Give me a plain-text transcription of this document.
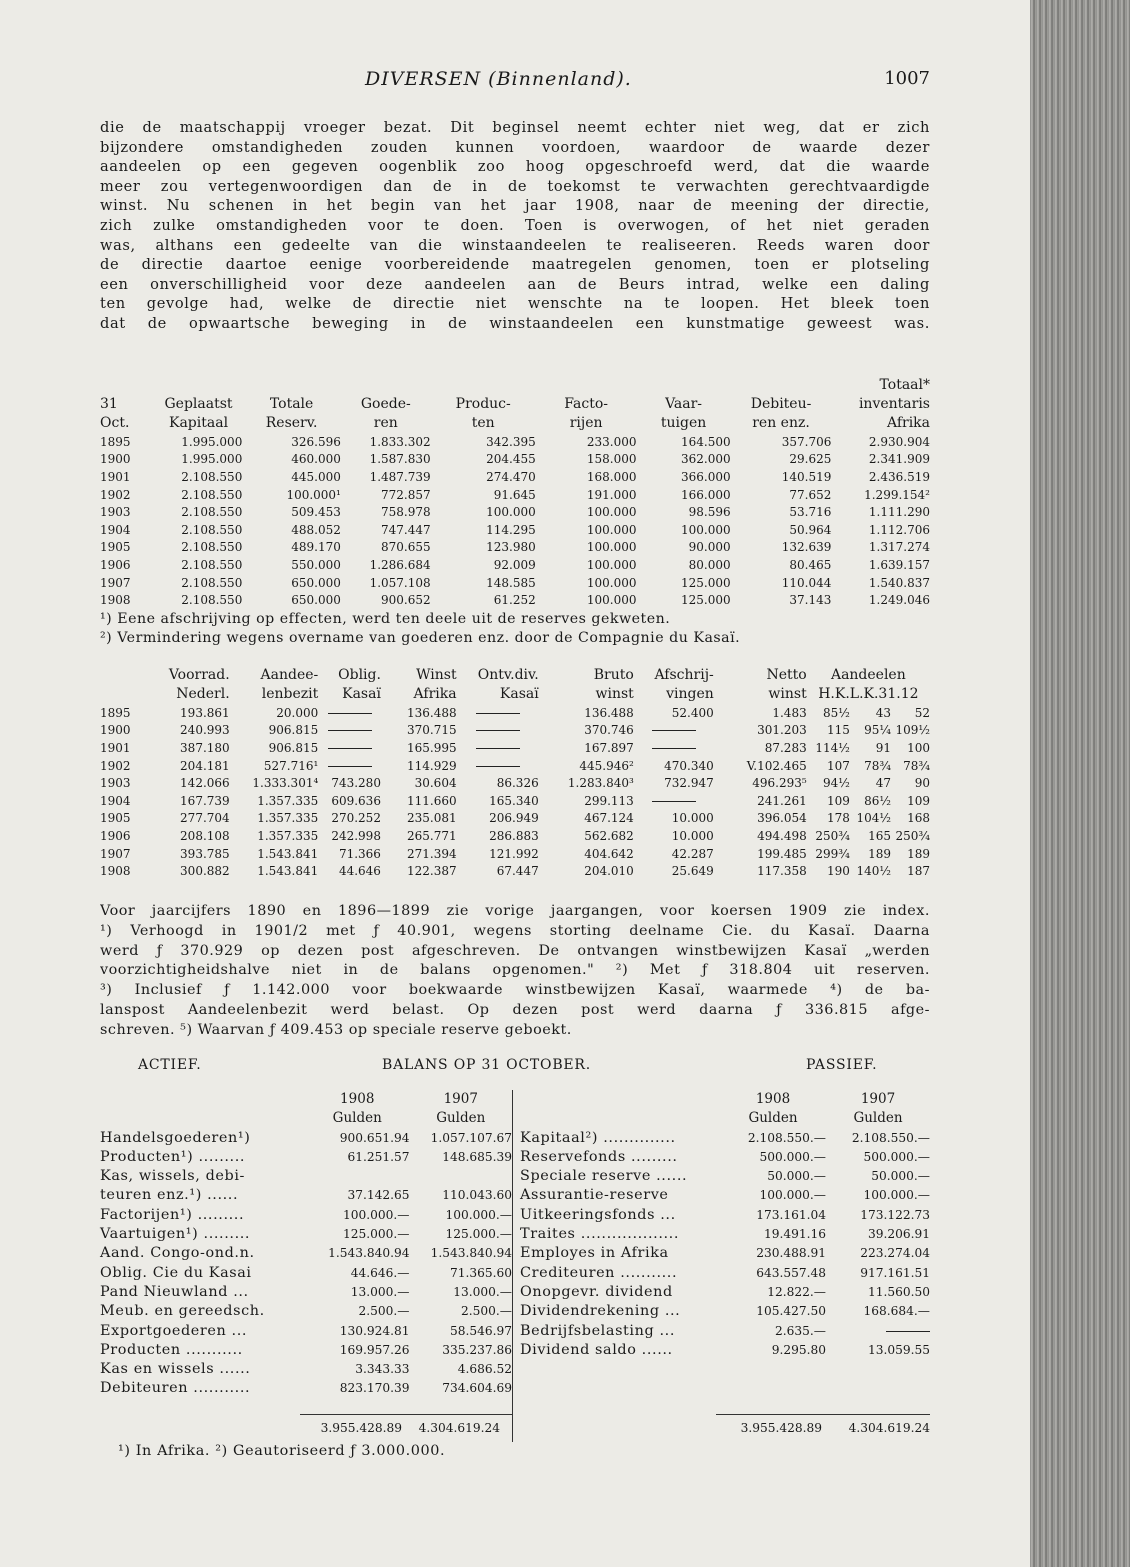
DIVERSEN (Binnenland).	1007
die de maatschappij vroeger bezat. Dit beginsel neemt echter niet weg, dat er zich
bijzondere omstandigheden zouden kunnen voordoen, waardoor de waarde dezer
aandeelen op een gegeven oogenblik zoo hoog opgeschroefd werd, dat die waarde
meer zou vertegenwoordigen dan de in de toekomst te verwachten gerechtvaardigde
winst. Nu schenen in het begin van het jaar 1908, naar de meening der directie,
zich zulke omstandigheden voor te doen. Toen is overwogen, of het niet geraden
was, althans een gedeelte van die winstaandeelen te realiseeren. Reeds waren door
de directie daartoe eenige voorbereidende maatregelen genomen, toen er plotseling
een onverschilligheid voor deze aandeelen aan de Beurs intrad, welke een daling
ten gevolge had, welke de directie niet wenschte na te loopen. Het bleek toen
dat de opwaartsche beweging in de winstaandeelen een kunstmatige geweest was.
								Totaal*
31	Geplaatst	Totale	Goede-	Produc-	Facto-	Vaar-	Debiteu-	inventaris
Oct.	Kapitaal	Reserv.	ren	ten	rijen	tuigen	ren enz.	Afrika
1895	1.995.000	326.596	1.833.302	342.395	233.000	164.500	357.706	2.930.904
1900	1.995.000	460.000	1.587.830	204.455	158.000	362.000	29.625	2.341.909
1901	2.108.550	445.000	1.487.739	274.470	168.000	366.000	140.519	2.436.519
1902	2.108.550	100.000¹	772.857	91.645	191.000	166.000	77.652	1.299.154²
1903	2.108.550	509.453	758.978	100.000	100.000	98.596	53.716	1.111.290
1904	2.108.550	488.052	747.447	114.295	100.000	100.000	50.964	1.112.706
1905	2.108.550	489.170	870.655	123.980	100.000	90.000	132.639	1.317.274
1906	2.108.550	550.000	1.286.684	92.009	100.000	80.000	80.465	1.639.157
1907	2.108.550	650.000	1.057.108	148.585	100.000	125.000	110.044	1.540.837
1908	2.108.550	650.000	900.652	61.252	100.000	125.000	37.143	1.249.046
¹) Eene afschrijving op effecten, werd ten deele uit de reserves gekweten.
²) Vermindering wegens overname van goederen enz. door de Compagnie du Kasaï.
	Voorrad.	Aandee-	Oblig.	Winst	Ontv.div.	Bruto	Afschrij-	Netto	Aandeelen		
	Nederl.	lenbezit	Kasaï	Afrika	Kasaï	winst	vingen	winst	H.K.L.K.31.12		
1895	193.861	20.000		136.488		136.488	52.400	1.483	85½	43	52
1900	240.993	906.815		370.715		370.746		301.203	115	95¼	109½
1901	387.180	906.815		165.995		167.897		87.283	114½	91	100
1902	204.181	527.716¹		114.929		445.946²	470.340	V.102.465	107	78¾	78¾
1903	142.066	1.333.301⁴	743.280	30.604	86.326	1.283.840³	732.947	496.293⁵	94½	47	90
1904	167.739	1.357.335	609.636	111.660	165.340	299.113		241.261	109	86½	109
1905	277.704	1.357.335	270.252	235.081	206.949	467.124	10.000	396.054	178	104½	168
1906	208.108	1.357.335	242.998	265.771	286.883	562.682	10.000	494.498	250¾	165	250¾
1907	393.785	1.543.841	71.366	271.394	121.992	404.642	42.287	199.485	299¾	189	189
1908	300.882	1.543.841	44.646	122.387	67.447	204.010	25.649	117.358	190	140½	187
Voor jaarcijfers 1890 en 1896—1899 zie vorige jaargangen, voor koersen 1909 zie index.
¹) Verhoogd in 1901/2 met ƒ 40.901, wegens storting deelname Cie. du Kasaï. Daarna
werd ƒ 370.929 op dezen post afgeschreven. De ontvangen winstbewijzen Kasaï „werden
voorzichtigheidshalve niet in de balans opgenomen." ²) Met ƒ 318.804 uit reserven.
³) Inclusief ƒ 1.142.000 voor boekwaarde winstbewijzen Kasaï, waarmede ⁴) de ba-
lanspost Aandeelenbezit werd belast. Op dezen post werd daarna ƒ 336.815 afge-
schreven. ⁵) Waarvan ƒ 409.453 op speciale reserve geboekt.
ACTIEF.	BALANS OP 31 OCTOBER.	PASSIEF.
	1908	1907
	Gulden	Gulden
Handelsgoederen¹)	900.651.94	1.057.107.67
Producten¹) .........	61.251.57	148.685.39
Kas, wissels, debi-		
teuren enz.¹) ......	37.142.65	110.043.60
Factorijen¹) .........	100.000.—	100.000.—
Vaartuigen¹) .........	125.000.—	125.000.—
Aand. Congo-ond.n.	1.543.840.94	1.543.840.94
Oblig. Cie du Kasai	44.646.—	71.365.60
Pand Nieuwland ...	13.000.—	13.000.—
Meub. en gereedsch.	2.500.—	2.500.—
Exportgoederen ...	130.924.81	58.546.97
Producten ...........	169.957.26	335.237.86
Kas en wissels ......	3.343.33	4.686.52
Debiteuren ...........	823.170.39	734.604.69
	1908	1907
	Gulden	Gulden
Kapitaal²) ..............	2.108.550.—	2.108.550.—
Reservefonds .........	500.000.—	500.000.—
Speciale reserve ......	50.000.—	50.000.—
Assurantie-reserve	100.000.—	100.000.—
Uitkeeringsfonds ...	173.161.04	173.122.73
Traites ...................	19.491.16	39.206.91
Employes in Afrika	230.488.91	223.274.04
Crediteuren ...........	643.557.48	917.161.51
Onopgevr. dividend	12.822.—	11.560.50
Dividendrekening ...	105.427.50	168.684.—
Bedrijfsbelasting ...	2.635.—	
Dividend saldo ......	9.295.80	13.059.55
3.955.428.89 4.304.619.24	3.955.428.89 4.304.619.24
¹) In Afrika. ²) Geautoriseerd ƒ 3.000.000.
